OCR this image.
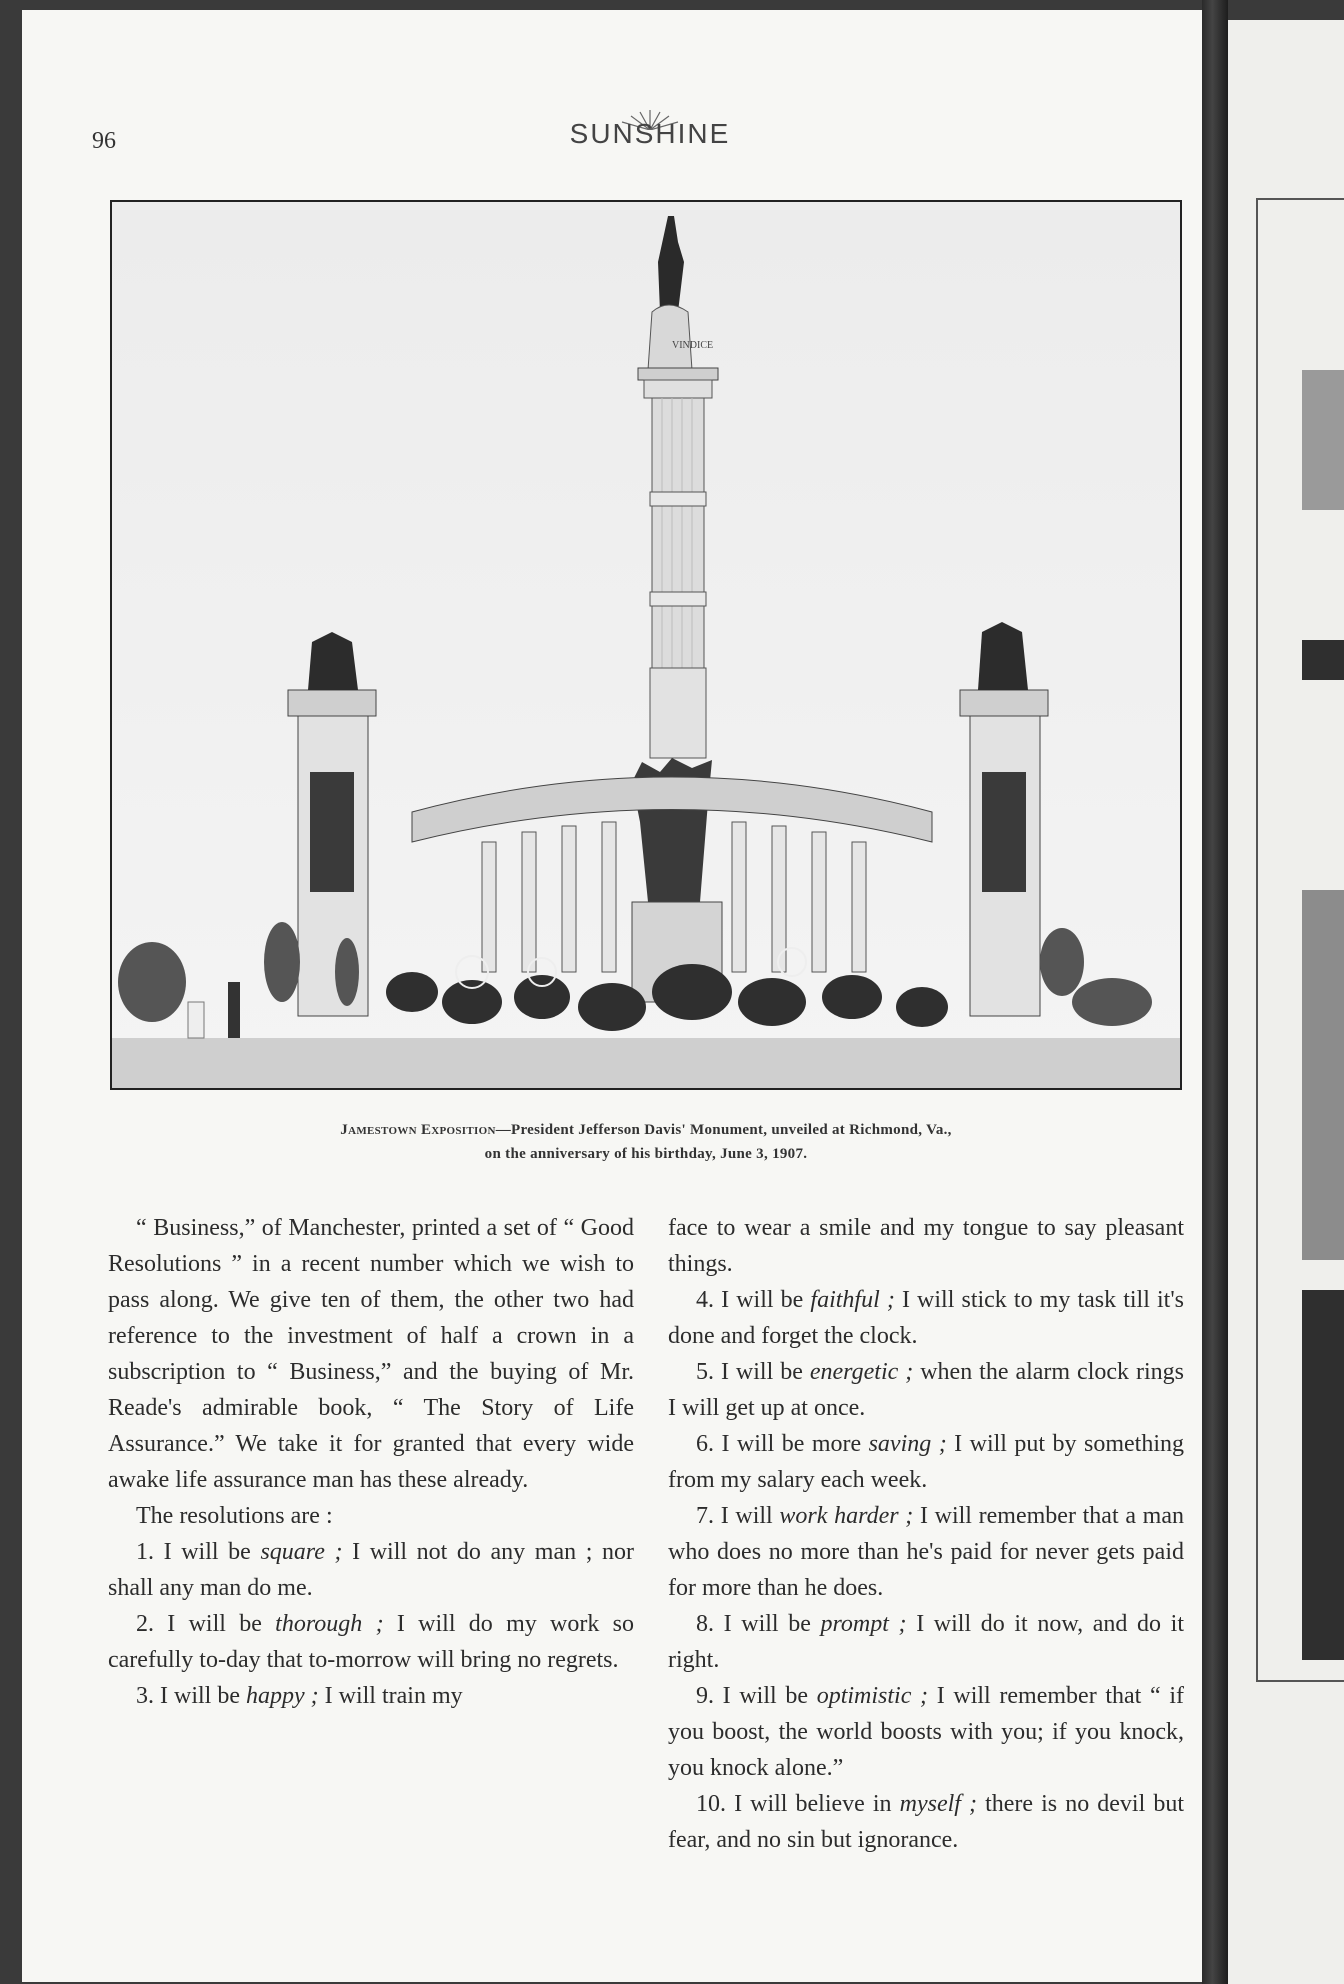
96	SUNSHINE
VINDICE
Jamestown Exposition—President Jefferson Davis' Monument, unveiled at Richmond, Va.,
on the anniversary of his birthday, June 3, 1907.

“ Business,” of Manchester, printed a set of “ Good Resolutions ” in a recent number which we wish to pass along. We give ten of them, the other two had reference to the investment of half a crown in a subscription to “ Business,” and the buying of Mr. Reade's admirable book, “ The Story of Life Assurance.” We take it for granted that every wide awake life assurance man has these already.

The resolutions are :

1. I will be square ; I will not do any man ; nor shall any man do me.

2. I will be thorough ; I will do my work so carefully to-day that to-morrow will bring no regrets.

3. I will be happy ; I will train my

face to wear a smile and my tongue to say pleasant things.

4. I will be faithful ; I will stick to my task till it's done and forget the clock.

5. I will be energetic ; when the alarm clock rings I will get up at once.

6. I will be more saving ; I will put by something from my salary each week.

7. I will work harder ; I will remember that a man who does no more than he's paid for never gets paid for more than he does.

8. I will be prompt ; I will do it now, and do it right.

9. I will be optimistic ; I will remember that “ if you boost, the world boosts with you; if you knock, you knock alone.”

10. I will believe in myself ; there is no devil but fear, and no sin but ignorance.
